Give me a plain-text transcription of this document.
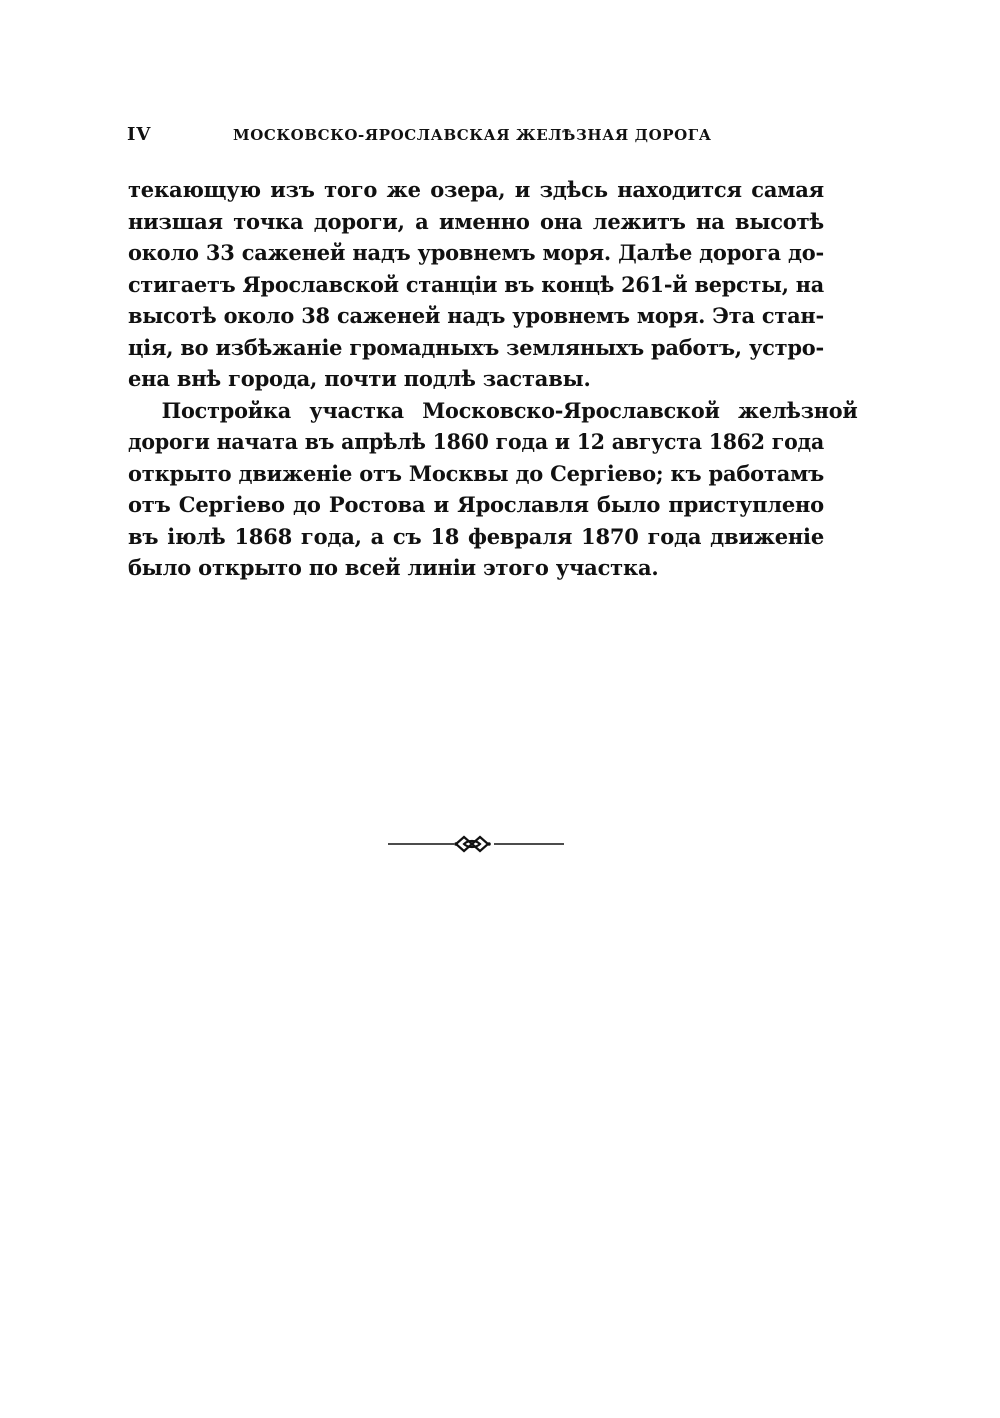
IV	МОСКОВСКО-ЯРОСЛАВСКАЯ ЖЕЛѢЗНАЯ ДОРОГА
текающую изъ того же озера, и здѣсь находится самая
низшая точка дороги, а именно она лежитъ на высотѣ
около 33 саженей надъ уровнемъ моря. Далѣе дорога до-
стигаетъ Ярославской станціи въ концѣ 261-й версты, на
высотѣ около 38 саженей надъ уровнемъ моря. Эта стан-
ція, во избѣжаніе громадныхъ земляныхъ работъ, устро-
ена внѣ города, почти подлѣ заставы.
Постройка участка Московско-Ярославской желѣзной
дороги начата въ апрѣлѣ 1860 года и 12 августа 1862 года
открыто движеніе отъ Москвы до Сергіево; къ работамъ
отъ Сергіево до Ростова и Ярославля было приступлено
въ іюлѣ 1868 года, а съ 18 февраля 1870 года движеніе
было открыто по всей линіи этого участка.
